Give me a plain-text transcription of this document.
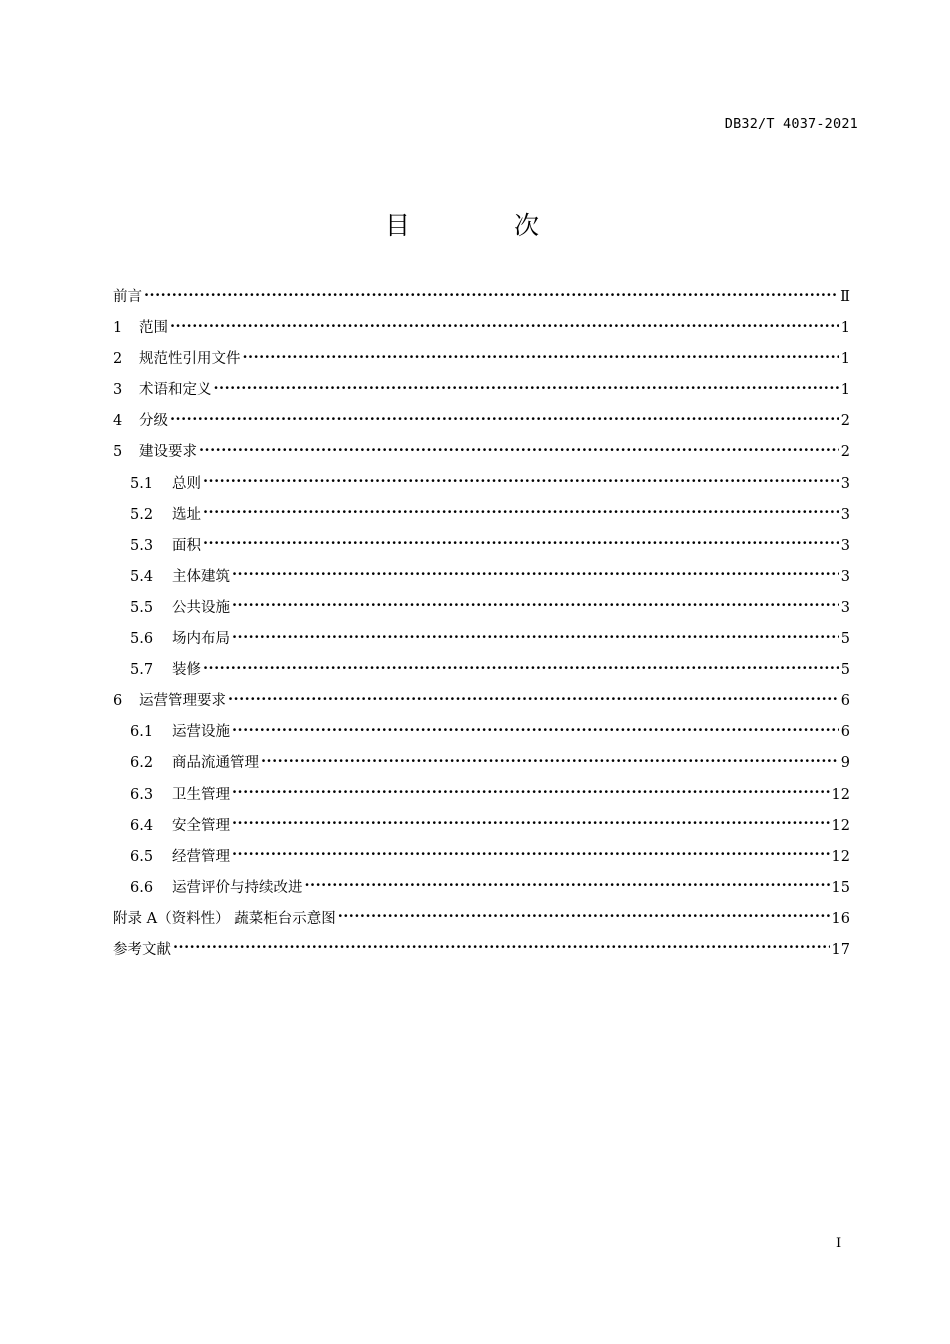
DB32/T 4037-2021
目 次
前言 ·····	Ⅱ
1	范围 ·····	1
2	规范性引用文件 ·····	1
3	术语和定义 ·····	1
4	分级 ·····	2
5	建设要求 ·····	2
5.1	总则 ·····	3
5.2	选址 ·····	3
5.3	面积 ·····	3
5.4	主体建筑 ·····	3
5.5	公共设施 ·····	3
5.6	场内布局 ·····	5
5.7	装修 ·····	5
6	运营管理要求 ·····	6
6.1	运营设施 ·····	6
6.2	商品流通管理 ·····	9
6.3	卫生管理 ·····	12
6.4	安全管理 ·····	12
6.5	经营管理 ·····	12
6.6	运营评价与持续改进 ·····	15
附录 A（资料性） 蔬菜柜台示意图 ·····	16
参考文献 ·····	17
I
